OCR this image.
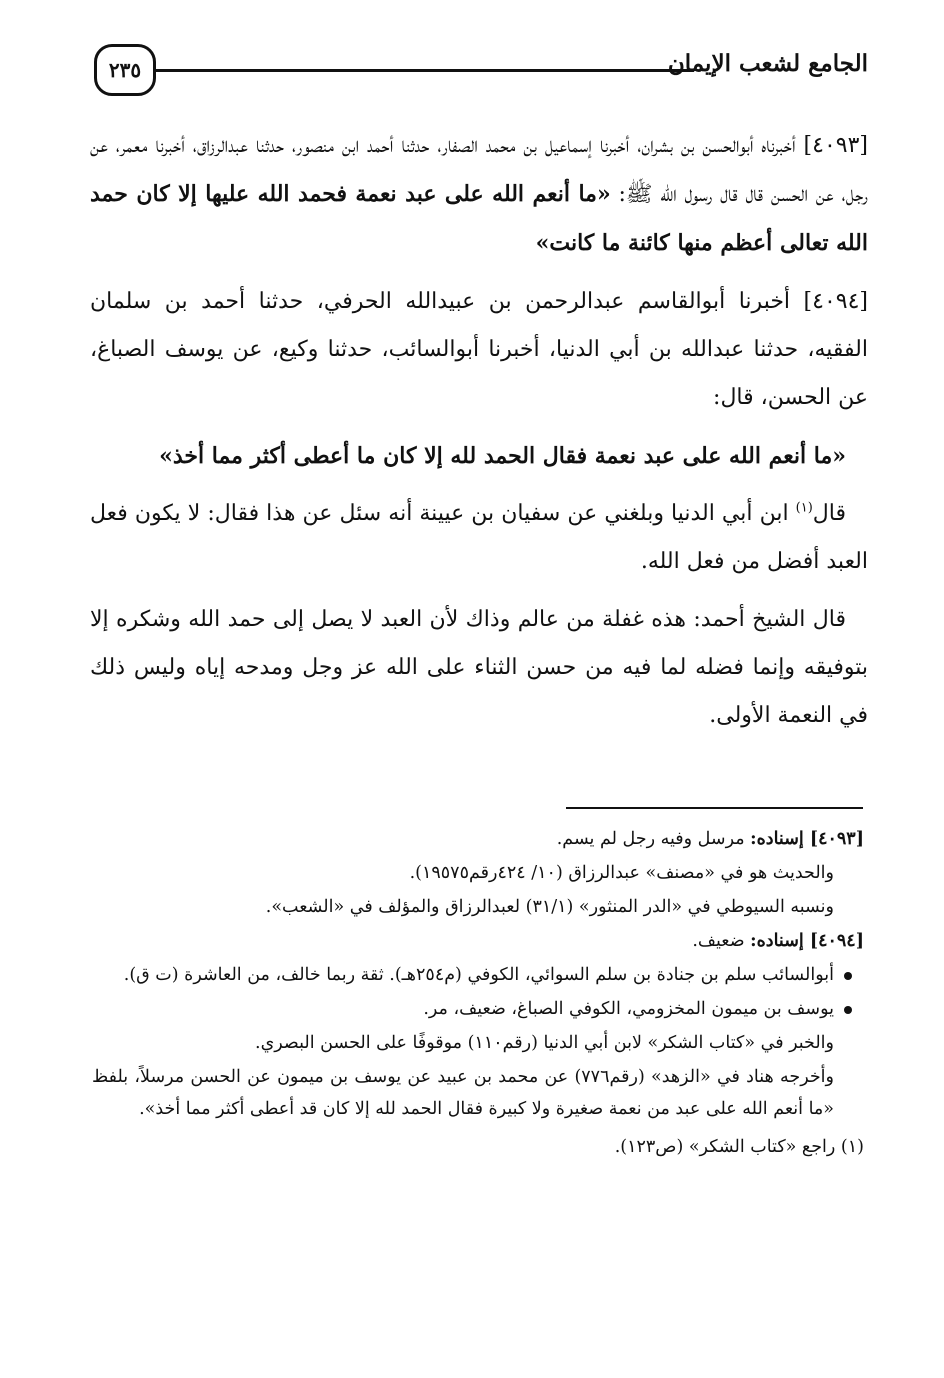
٢٣٥	الجامع لشعب الإيمان

[٤٠٩٣] أخبرناه أبوالحسن بن بشران، أخبرنا إسماعيل بن محمد الصفار، حدثنا أحمد ابن منصور، حدثنا عبدالرزاق، أخبرنا معمر، عن رجل، عن الحسن قال قال رسول الله ﷺ: «ما أنعم الله على عبد نعمة فحمد الله عليها إلا كان حمد الله تعالى أعظم منها كائنة ما كانت»

[٤٠٩٤] أخبرنا أبوالقاسم عبدالرحمن بن عبيدالله الحرفي، حدثنا أحمد بن سلمان الفقيه، حدثنا عبدالله بن أبي الدنيا، أخبرنا أبوالسائب، حدثنا وكيع، عن يوسف الصباغ، عن الحسن، قال:

«ما أنعم الله على عبد نعمة فقال الحمد لله إلا كان ما أعطى أكثر مما أخذ»

قال$^{(١)}$ ابن أبي الدنيا وبلغني عن سفيان بن عيينة أنه سئل عن هذا فقال: لا يكون فعل العبد أفضل من فعل الله.

قال الشيخ أحمد: هذه غفلة من عالم وذاك لأن العبد لا يصل إلى حمد الله وشكره إلا بتوفيقه وإنما فضله لما فيه من حسن الثناء على الله عز وجل ومدحه إياه وليس ذلك في النعمة الأولى.

[٤٠٩٣] إسناده: مرسل وفيه رجل لم يسم.

والحديث هو في «مصنف» عبدالرزاق (١٠/ ٤٢٤رقم١٩٥٧٥).

ونسبه السيوطي في «الدر المنثور» (٣١/١) لعبدالرزاق والمؤلف في «الشعب».

[٤٠٩٤] إسناده: ضعيف.

أبوالسائب سلم بن جنادة بن سلم السوائي، الكوفي (م٢٥٤هـ). ثقة ربما خالف، من العاشرة (ت ق).

يوسف بن ميمون المخزومي، الكوفي الصباغ، ضعيف، مر.

والخبر في «كتاب الشكر» لابن أبي الدنيا (رقم١١٠) موقوفًا على الحسن البصري.

وأخرجه هناد في «الزهد» (رقم٧٧٦) عن محمد بن عبيد عن يوسف بن ميمون عن الحسن مرسلاً، بلفظ «ما أنعم الله على عبد من نعمة صغيرة ولا كبيرة فقال الحمد لله إلا كان قد أعطى أكثر مما أخذ».

(١) راجع «كتاب الشكر» (ص١٢٣).
